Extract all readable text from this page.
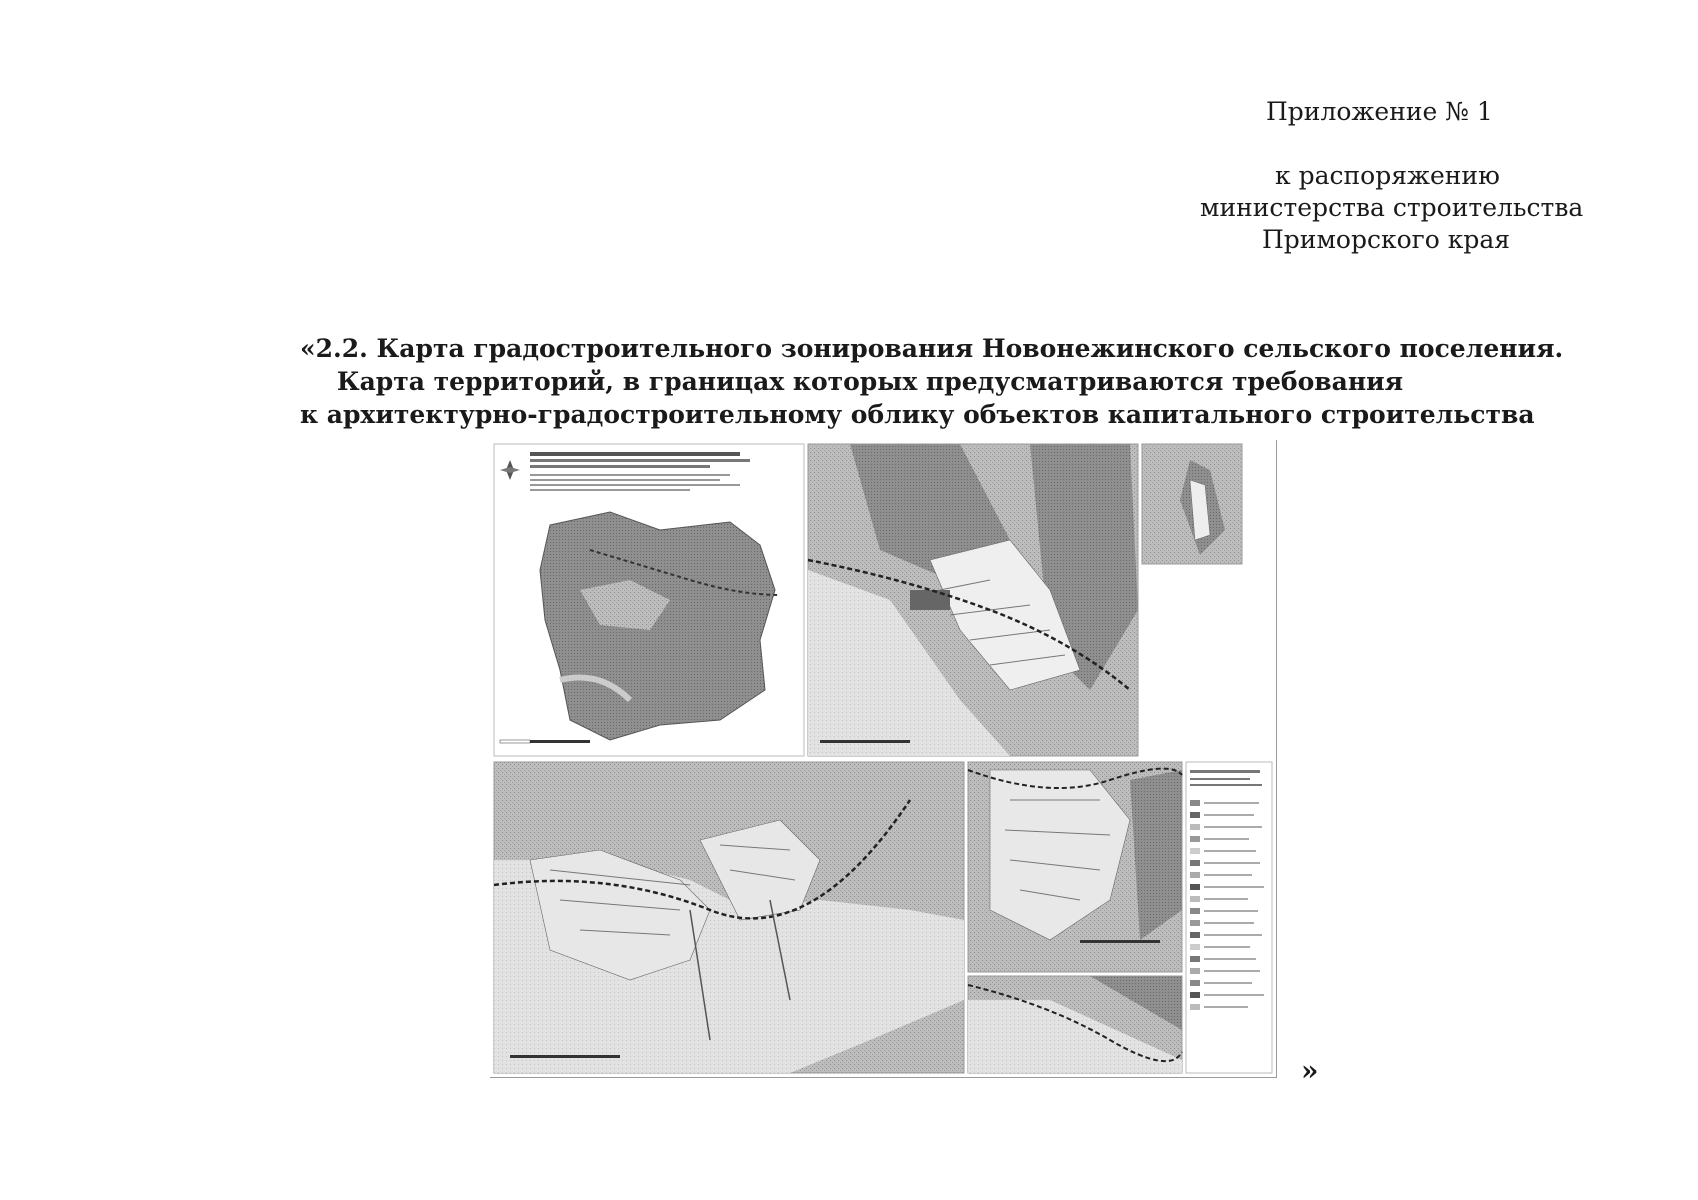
Приложение № 1
к распоряжению
министерства строительства
Приморского края
«2.2. Карта градостроительного зонирования Новонежинского сельского поселения.
Карта территорий, в границах которых предусматриваются требования
к архитектурно-градостроительному облику объектов капитального строительства
»
